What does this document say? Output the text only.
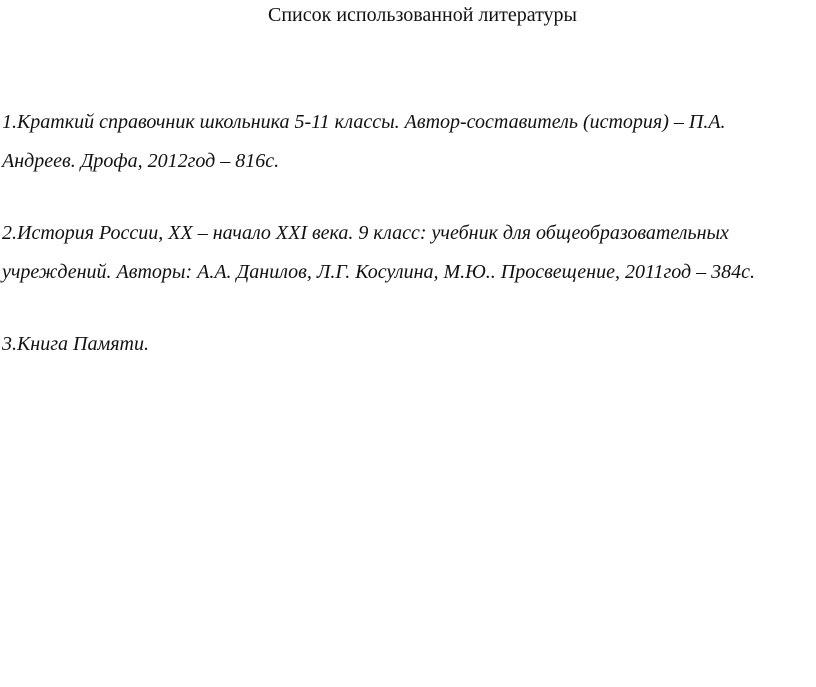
Список использованной литературы
1.Краткий справочник школьника 5-11 классы. Автор-составитель (история) – П.А.
Андреев. Дрофа, 2012год – 816с.
2.История России, XX – начало XXI века. 9 класс: учебник для общеобразовательных
учреждений. Авторы: А.А. Данилов, Л.Г. Косулина, М.Ю.. Просвещение, 2011год – 384с.
3.Книга Памяти.
